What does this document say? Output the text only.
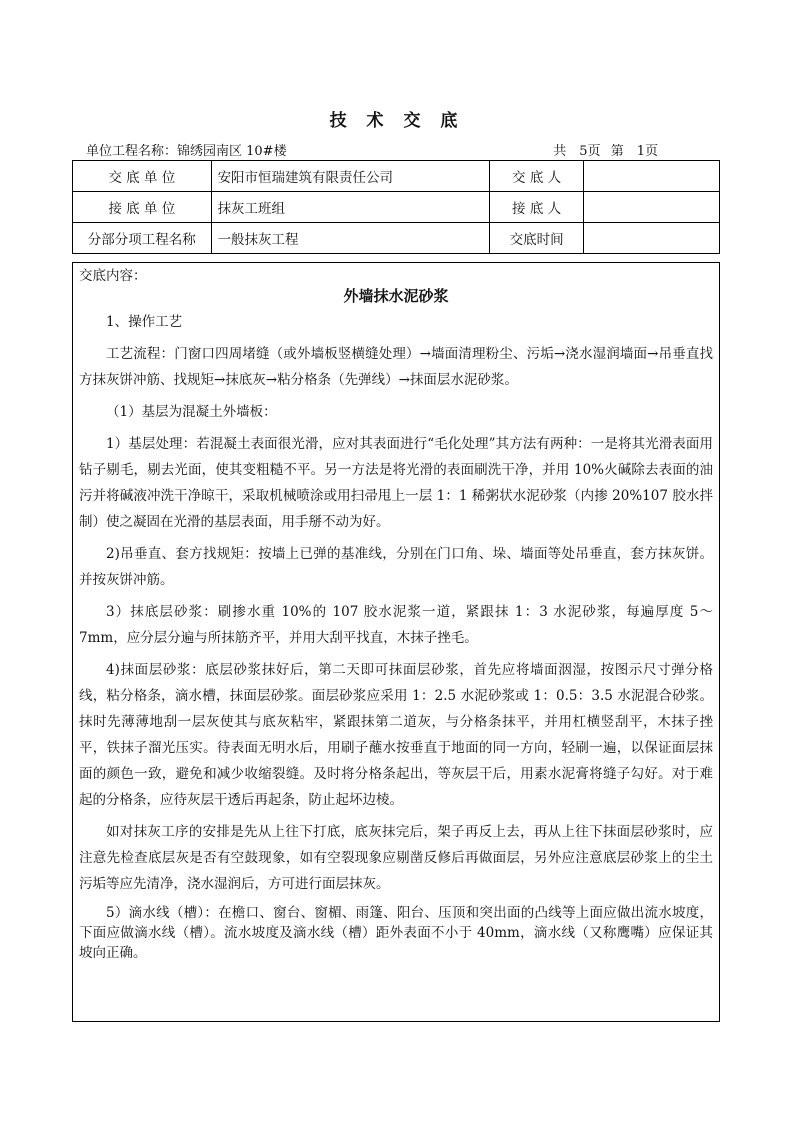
技 术 交 底
单位工程名称：锦绣园南区 10#楼	共　5页 第　1页
交 底 单 位	安阳市恒瑞建筑有限责任公司	交 底 人	
接 底 单 位	抹灰工班组	接 底 人	
分部分项工程名称	一般抹灰工程	交底时间	
交底内容：
外墙抹水泥砂浆

1、操作工艺

工艺流程：门窗口四周堵缝（或外墙板竖横缝处理）→墙面清理粉尘、污垢→浇水湿润墙面→吊垂直找方抹灰饼冲筋、找规矩→抹底灰→粘分格条（先弹线）→抹面层水泥砂浆。

（1）基层为混凝土外墙板：

1）基层处理：若混凝土表面很光滑，应对其表面进行“毛化处理”其方法有两种：一是将其光滑表面用钻子剔毛，剔去光面，使其变粗糙不平。另一方法是将光滑的表面刷洗干净，并用 10%火碱除去表面的油污并将碱液冲洗干净晾干，采取机械喷涂或用扫帚甩上一层 1：1 稀粥状水泥砂浆（内掺 20%107 胶水拌制）使之凝固在光滑的基层表面，用手掰不动为好。

2)吊垂直、套方找规矩：按墙上已弹的基准线，分别在门口角、垛、墙面等处吊垂直，套方抹灰饼。并按灰饼冲筋。

3）抹底层砂浆：刷掺水重 10%的 107 胶水泥浆一道，紧跟抹 1：3 水泥砂浆，每遍厚度 5～7mm，应分层分遍与所抹筋齐平，并用大刮平找直，木抹子挫毛。

4)抹面层砂浆：底层砂浆抹好后，第二天即可抹面层砂浆，首先应将墙面洇湿，按图示尺寸弹分格线，粘分格条，滴水槽，抹面层砂浆。面层砂浆应采用 1：2.5 水泥砂浆或 1：0.5：3.5 水泥混合砂浆。抹时先薄薄地刮一层灰使其与底灰粘牢，紧跟抹第二道灰，与分格条抹平，并用杠横竖刮平，木抹子挫平，铁抹子溜光压实。待表面无明水后，用刷子蘸水按垂直于地面的同一方向，轻刷一遍，以保证面层抹面的颜色一致，避免和减少收缩裂缝。及时将分格条起出，等灰层干后，用素水泥膏将缝子勾好。对于难起的分格条，应待灰层干透后再起条，防止起坏边棱。

如对抹灰工序的安排是先从上往下打底，底灰抹完后，架子再反上去，再从上往下抹面层砂浆时，应注意先检查底层灰是否有空鼓现象，如有空裂现象应剔凿反修后再做面层，另外应注意底层砂浆上的尘土污垢等应先清净，浇水湿润后，方可进行面层抹灰。

5）滴水线（槽）：在檐口、窗台、窗楣、雨篷、阳台、压顶和突出面的凸线等上面应做出流水坡度，下面应做滴水线（槽）。流水坡度及滴水线（槽）距外表面不小于 40mm，滴水线（又称鹰嘴）应保证其坡向正确。
